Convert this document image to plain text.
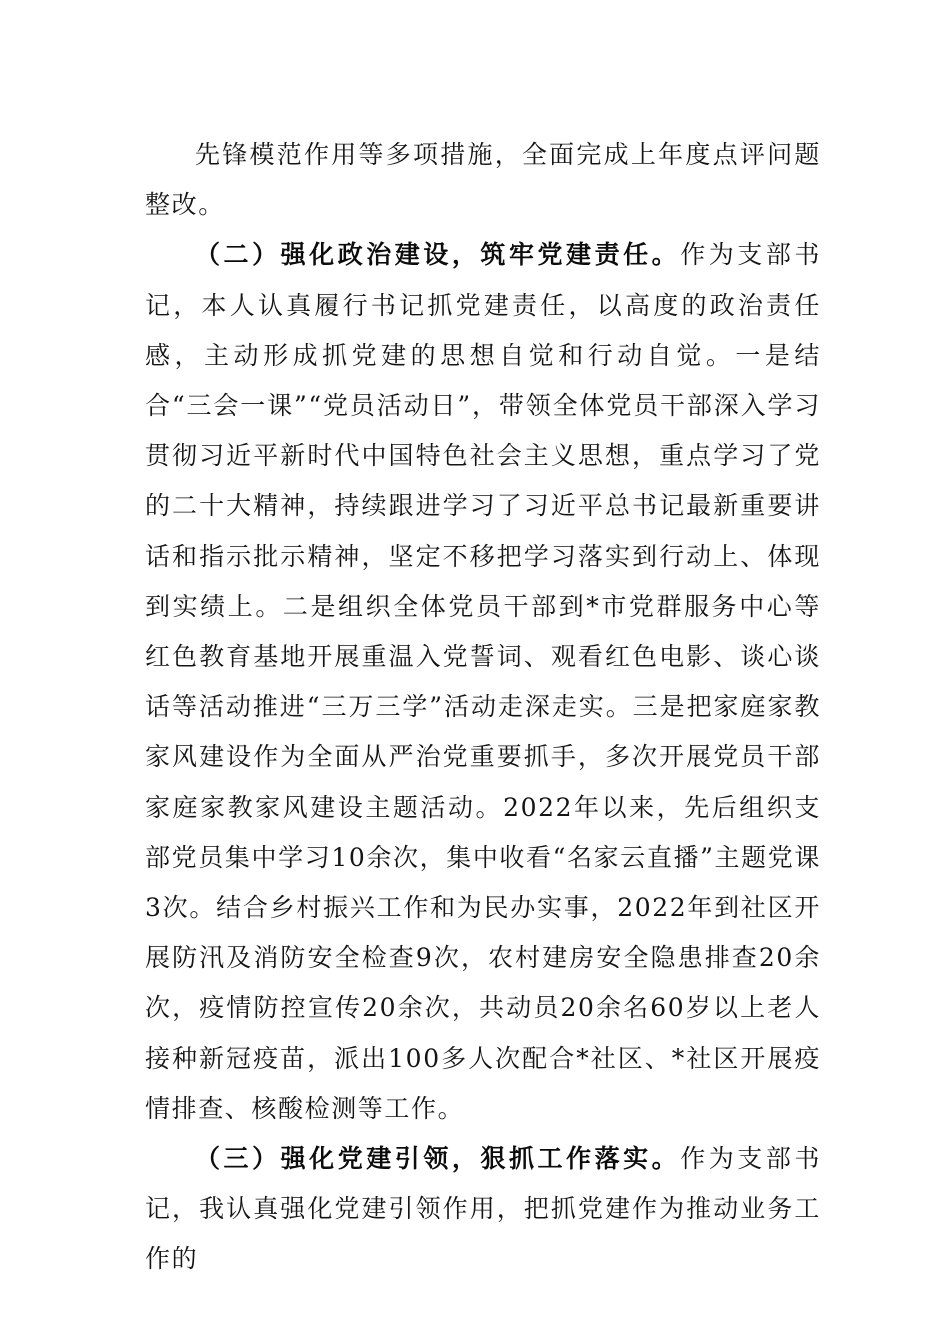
先锋模范作用等多项措施，全面完成上年度点评问题整改。

（二）强化政治建设，筑牢党建责任。作为支部书记，本人认真履行书记抓党建责任，以高度的政治责任感，主动形成抓党建的思想自觉和行动自觉。一是结合“三会一课”“党员活动日”，带领全体党员干部深入学习贯彻习近平新时代中国特色社会主义思想，重点学习了党的二十大精神，持续跟进学习了习近平总书记最新重要讲话和指示批示精神，坚定不移把学习落实到行动上、体现到实绩上。二是组织全体党员干部到*市党群服务中心等红色教育基地开展重温入党誓词、观看红色电影、谈心谈话等活动推进“三万三学”活动走深走实。三是把家庭家教家风建设作为全面从严治党重要抓手，多次开展党员干部家庭家教家风建设主题活动。2022年以来，先后组织支部党员集中学习10余次，集中收看“名家云直播”主题党课3次。结合乡村振兴工作和为民办实事，2022年到社区开展防汛及消防安全检查9次，农村建房安全隐患排查20余次，疫情防控宣传20余次，共动员20余名60岁以上老人接种新冠疫苗，派出100多人次配合*社区、*社区开展疫情排查、核酸检测等工作。

（三）强化党建引领，狠抓工作落实。作为支部书记，我认真强化党建引领作用，把抓党建作为推动业务工作的
